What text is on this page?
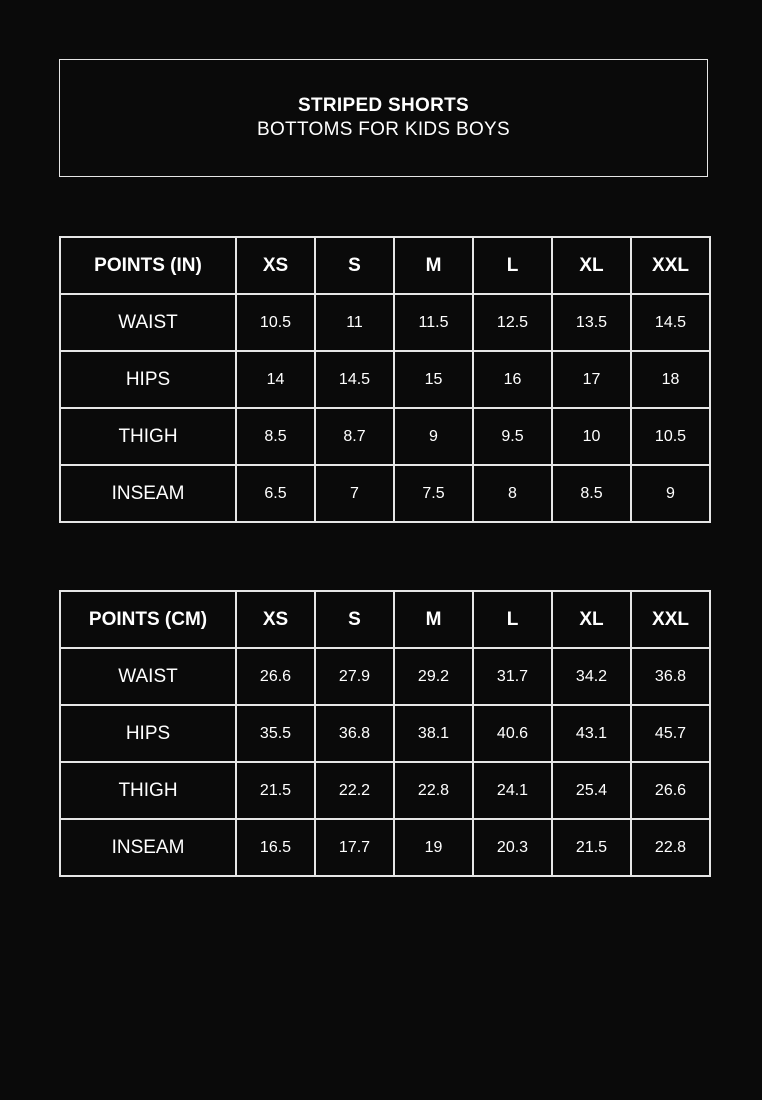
STRIPED SHORTS
BOTTOMS FOR KIDS BOYS
POINTS (IN)	XS	S	M	L	XL	XXL
WAIST	10.5	11	11.5	12.5	13.5	14.5
HIPS	14	14.5	15	16	17	18
THIGH	8.5	8.7	9	9.5	10	10.5
INSEAM	6.5	7	7.5	8	8.5	9
POINTS (CM)	XS	S	M	L	XL	XXL
WAIST	26.6	27.9	29.2	31.7	34.2	36.8
HIPS	35.5	36.8	38.1	40.6	43.1	45.7
THIGH	21.5	22.2	22.8	24.1	25.4	26.6
INSEAM	16.5	17.7	19	20.3	21.5	22.8
